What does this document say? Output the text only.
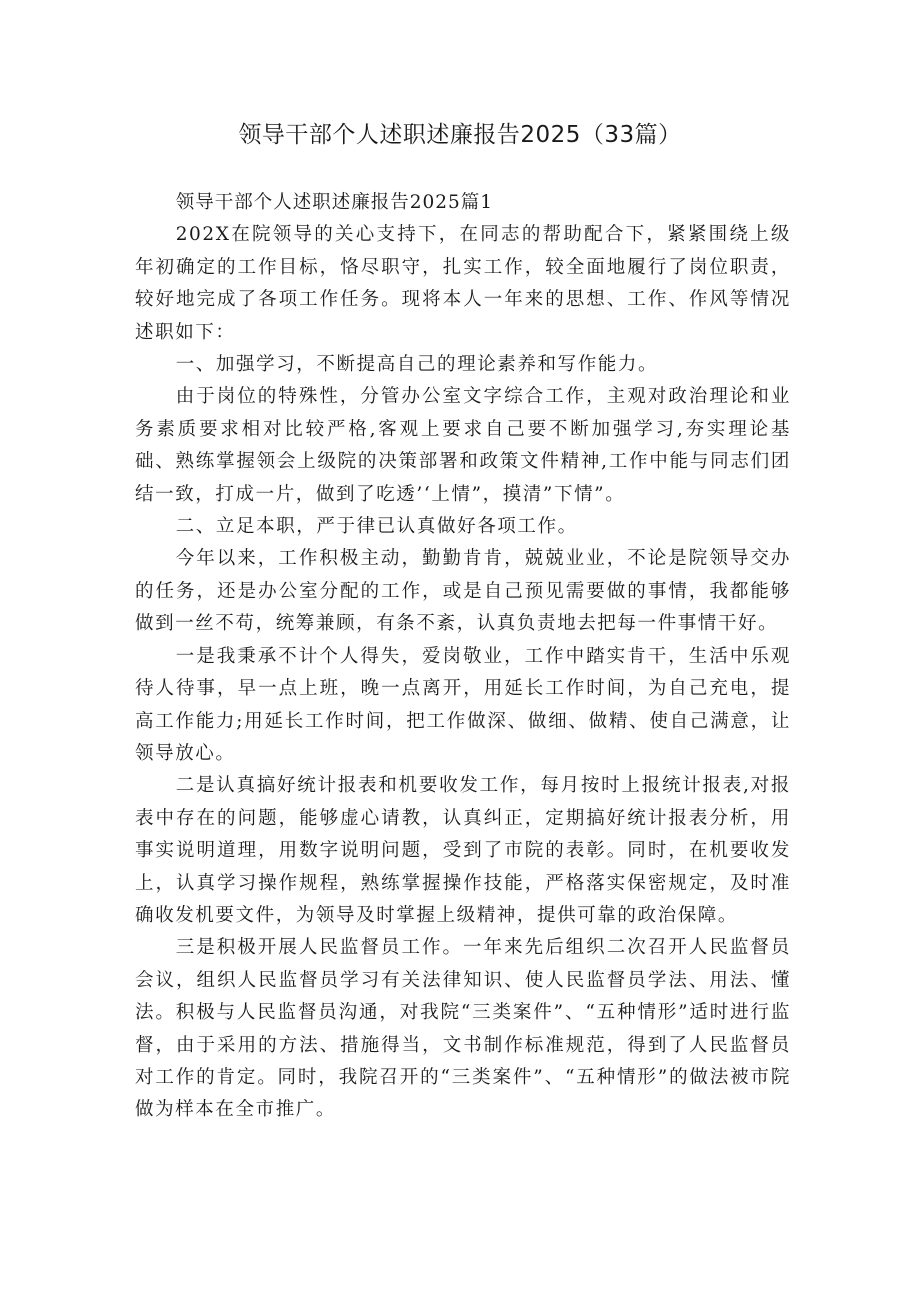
领导干部个人述职述廉报告2025（33篇）

领导干部个人述职述廉报告2025篇1

202X在院领导的关心支持下，在同志的帮助配合下，紧紧围绕上级年初确定的工作目标，恪尽职守，扎实工作，较全面地履行了岗位职责，较好地完成了各项工作任务。现将本人一年来的思想、工作、作风等情况述职如下：

一、加强学习，不断提高自己的理论素养和写作能力。

由于岗位的特殊性，分管办公室文字综合工作，主观对政治理论和业务素质要求相对比较严格,客观上要求自己要不断加强学习,夯实理论基础、熟练掌握领会上级院的决策部署和政策文件精神,工作中能与同志们团结一致，打成一片，做到了吃透’‘上情”，摸清”下情”。

二、立足本职，严于律已认真做好各项工作。

今年以来，工作积极主动，勤勤肯肯，兢兢业业，不论是院领导交办的任务，还是办公室分配的工作，或是自己预见需要做的事情，我都能够做到一丝不苟，统筹兼顾，有条不紊，认真负责地去把每一件事情干好。

一是我秉承不计个人得失，爱岗敬业，工作中踏实肯干，生活中乐观待人待事，早一点上班，晚一点离开，用延长工作时间，为自己充电，提高工作能力;用延长工作时间，把工作做深、做细、做精、使自己满意，让领导放心。

二是认真搞好统计报表和机要收发工作，每月按时上报统计报表,对报表中存在的问题，能够虚心请教，认真纠正，定期搞好统计报表分析，用事实说明道理，用数字说明问题，受到了市院的表彰。同时，在机要收发上，认真学习操作规程，熟练掌握操作技能，严格落实保密规定，及时准确收发机要文件，为领导及时掌握上级精神，提供可靠的政治保障。

三是积极开展人民监督员工作。一年来先后组织二次召开人民监督员会议，组织人民监督员学习有关法律知识、使人民监督员学法、用法、懂法。积极与人民监督员沟通，对我院“三类案件”、“五种情形”适时进行监督，由于采用的方法、措施得当，文书制作标准规范，得到了人民监督员对工作的肯定。同时，我院召开的“三类案件”、“五种情形”的做法被市院做为样本在全市推广。
